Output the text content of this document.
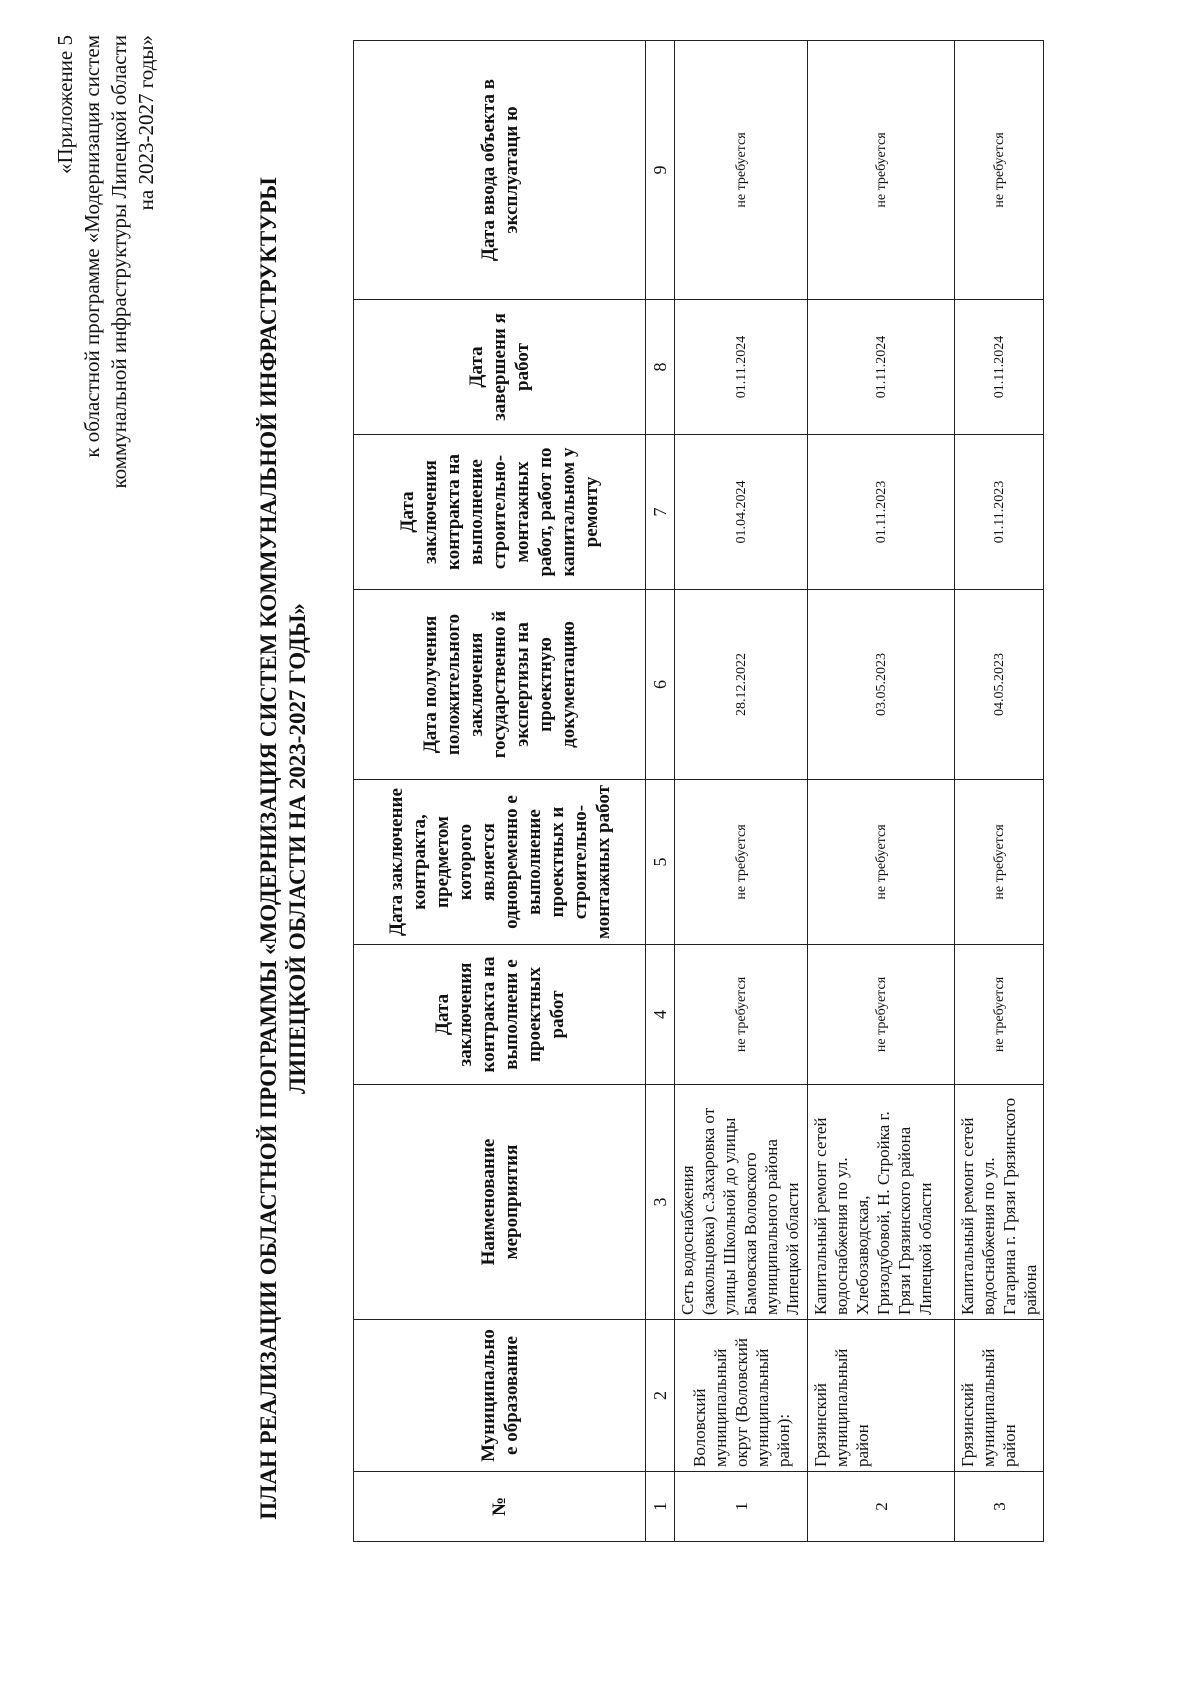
«Приложение 5 к областной программе «Модернизация систем коммунальной инфраструктуры Липецкой области на 2023-2027 годы»
ПЛАН РЕАЛИЗАЦИИ ОБЛАСТНОЙ ПРОГРАММЫ «МОДЕРНИЗАЦИЯ СИСТЕМ КОММУНАЛЬНОЙ ИНФРАСТРУКТУРЫ ЛИПЕЦКОЙ ОБЛАСТИ НА 2023-2027 ГОДЫ»
№	Муниципально е образование	Наименование мероприятия	Дата заключения контракта на выполнени е проектных работ	Дата заключение контракта, предметом которого является одновременно е выполнение проектных и строительно-монтажных работ	Дата получения положительного заключения государственно й экспертизы на проектную документацию	Дата заключения контракта на выполнение строительно-монтажных работ, работ по капитальном у ремонту	Дата завершени я работ	Дата ввода объекта в эксплуатаци ю
1	2	3	4	5	6	7	8	9
1	Воловский муниципальный округ (Воловский муниципальный район):	Сеть водоснабжения (закольцовка) с.Захаровка от улицы Школьной до улицы Бамовская Воловского муниципального района Липецкой области	не требуется	не требуется	28.12.2022	01.04.2024	01.11.2024	не требуется
2	Грязинский муниципальный район	Капитальный ремонт сетей водоснабжения по ул. Хлебозаводская, Гризодубовой, Н. Стройка г. Грязи Грязинского района Липецкой области	не требуется	не требуется	03.05.2023	01.11.2023	01.11.2024	не требуется
3	Грязинский муниципальный район	Капитальный ремонт сетей водоснабжения по ул. Гагарина г. Грязи Грязинского района	не требуется	не требуется	04.05.2023	01.11.2023	01.11.2024	не требуется
